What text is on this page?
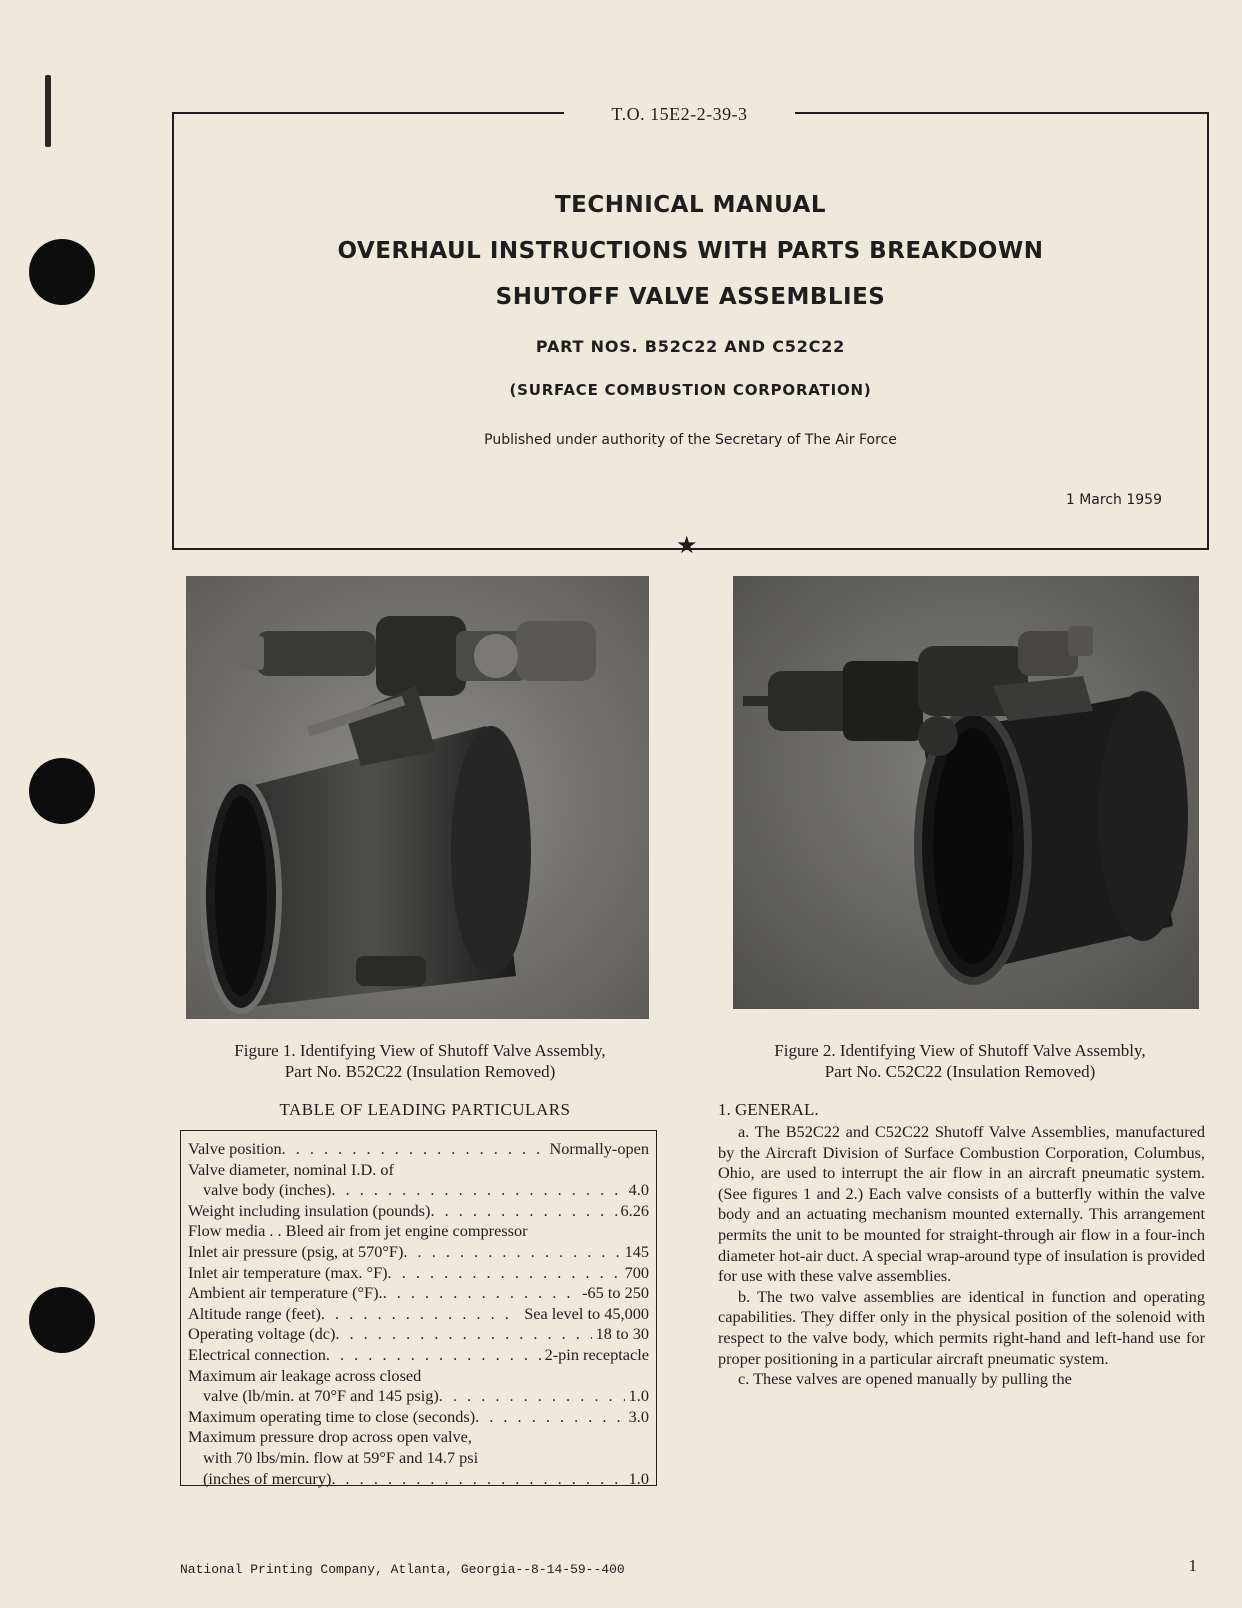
T.O. 15E2-2-39-3
TECHNICAL MANUAL
OVERHAUL INSTRUCTIONS WITH PARTS BREAKDOWN
SHUTOFF VALVE ASSEMBLIES
PART NOS. B52C22 AND C52C22
(SURFACE COMBUSTION CORPORATION)
Published under authority of the Secretary of The Air Force
1 March 1959
★
Figure 1. Identifying View of Shutoff Valve Assembly,
Part No. B52C22 (Insulation Removed)
Figure 2. Identifying View of Shutoff Valve Assembly,
Part No. C52C22 (Insulation Removed)
TABLE OF LEADING PARTICULARS
Valve position . . .	Normally-open
Valve diameter, nominal I.D. of
valve body (inches) . . .	4.0
Weight including insulation (pounds) . . .	6.26
Flow media . . Bleed air from jet engine compressor
Inlet air pressure (psig, at 570°F) . . .	145
Inlet air temperature (max. °F) . . .	700
Ambient air temperature (°F). . . .	-65 to 250
Altitude range (feet) . . .	Sea level to 45,000
Operating voltage (dc) . . .	18 to 30
Electrical connection . . .	2-pin receptacle
Maximum air leakage across closed
valve (lb/min. at 70°F and 145 psig) . . .	1.0
Maximum operating time to close (seconds) . . .	3.0
Maximum pressure drop across open valve,
with 70 lbs/min. flow at 59°F and 14.7 psi
(inches of mercury) . . .	1.0
1. GENERAL.

a. The B52C22 and C52C22 Shutoff Valve Assemblies, manufactured by the Aircraft Division of Surface Combustion Corporation, Columbus, Ohio, are used to interrupt the air flow in an aircraft pneumatic system. (See figures 1 and 2.) Each valve consists of a butterfly within the valve body and an actuating mechanism mounted externally. This arrangement permits the unit to be mounted for straight-through air flow in a four-inch diameter hot-air duct. A special wrap-around type of insulation is provided for use with these valve assemblies.

b. The two valve assemblies are identical in function and operating capabilities. They differ only in the physical position of the solenoid with respect to the valve body, which permits right-hand and left-hand use for proper positioning in a particular aircraft pneumatic system.

c. These valves are opened manually by pulling the

National Printing Company, Atlanta, Georgia--8-14-59--400	1
